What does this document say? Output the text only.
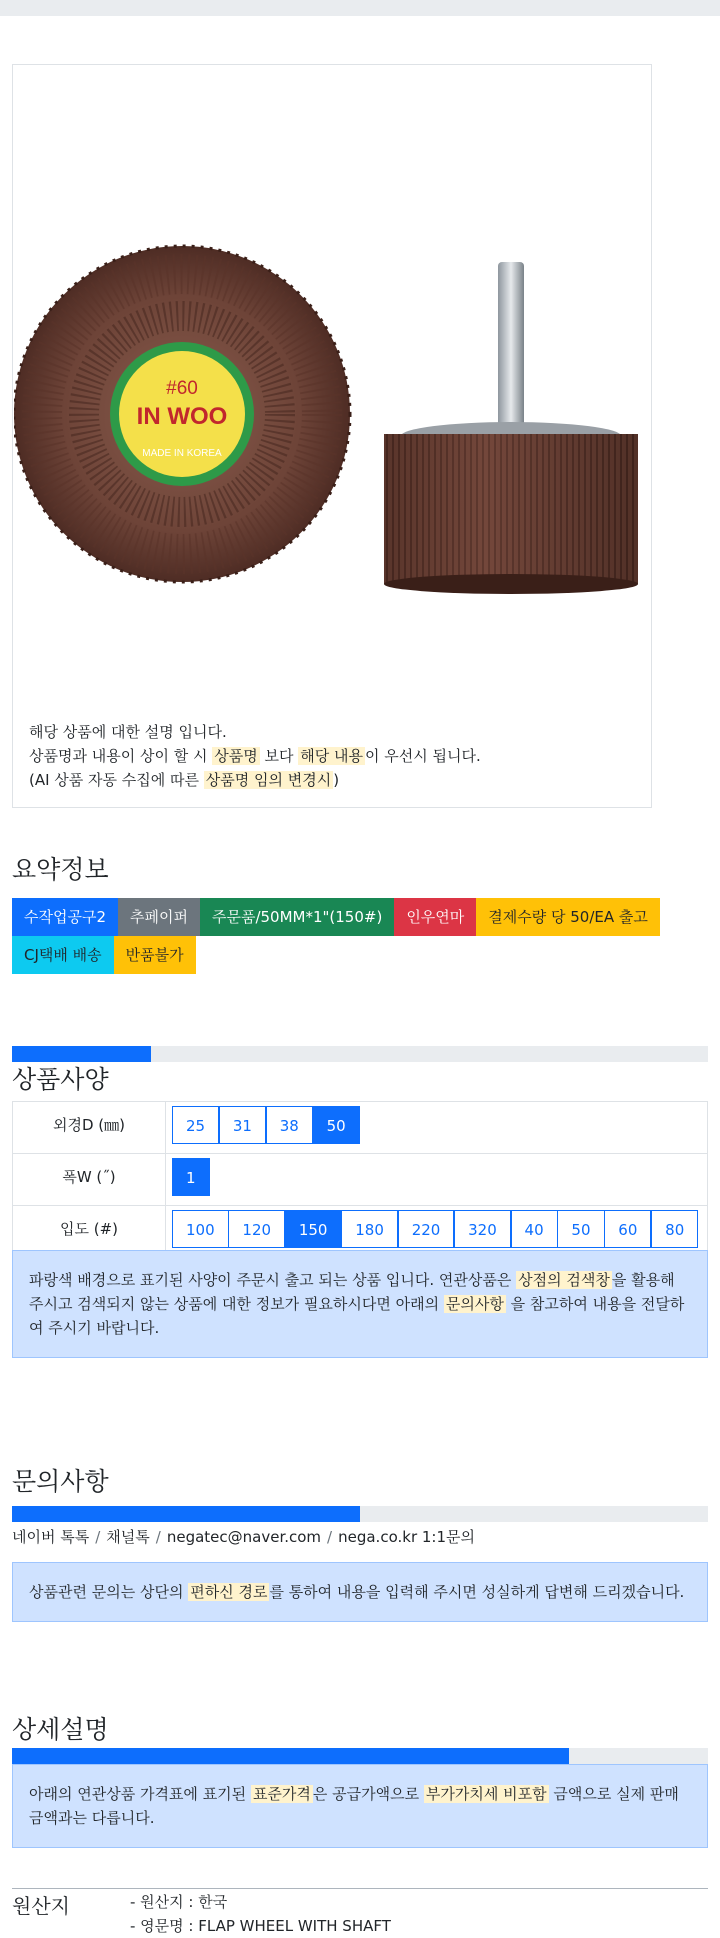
#60
IN WOO
MADE IN KOREA
해당 상품에 대한 설명 입니다.
상품명과 내용이 상이 할 시 상품명 보다 해당 내용 이 우선시 됩니다.
(AI 상품 자동 수집에 따른 상품명 임의 변경시 )
요약정보
수작업공구2	추페이퍼	주문품/50MM*1"(150#)	인우연마	결제수량 당 50/EA 출고
CJ택배 배송	반품불가
상품사양
외경D (㎜)	25 31 38 50
폭W (˝)	1
입도 (#)	100 120 150 180 220 320 40 50 60 80
파랑색 배경으로 표기된 사양이 주문시 출고 되는 상품 입니다. 연관상품은 상점의 검색창 을 활용해 주시고 검색되지 않는 상품에 대한 정보가 필요하시다면 아래의 문의사항 을 참고하여 내용을 전달하여 주시기 바랍니다.
문의사항
네이버 톡톡 / 채널톡 / negatec@naver.com / nega.co.kr 1:1문의
상품관련 문의는 상단의 편하신 경로 를 통하여 내용을 입력해 주시면 성실하게 답변해 드리겠습니다.
상세설명
아래의 연관상품 가격표에 표기된 표준가격 은 공급가액으로 부가가치세 비포함 금액으로 실제 판매금액과는 다릅니다.
원산지	- 원산지 : 한국
- 영문명 : FLAP WHEEL WITH SHAFT
